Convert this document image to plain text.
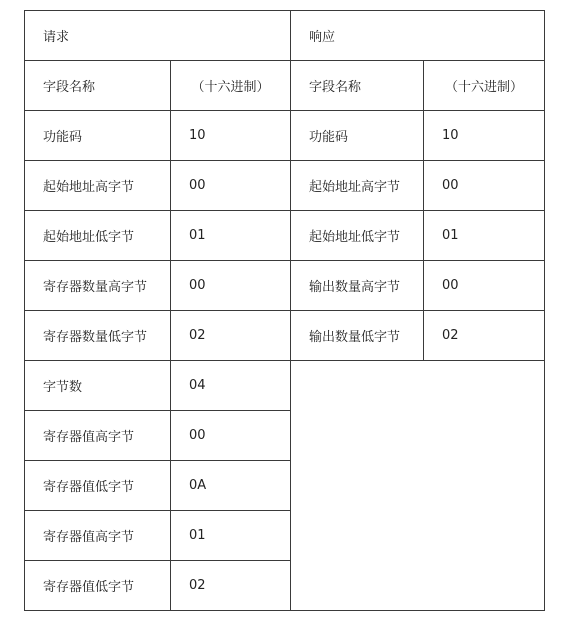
请求		响应	
字段名称	（十六进制）	字段名称	（十六进制）
功能码	10	功能码	10
起始地址高字节	00	起始地址高字节	00
起始地址低字节	01	起始地址低字节	01
寄存器数量高字节	00	输出数量高字节	00
寄存器数量低字节	02	输出数量低字节	02
字节数	04		
寄存器值高字节	00		
寄存器值低字节	0A		
寄存器值高字节	01		
寄存器值低字节	02		
